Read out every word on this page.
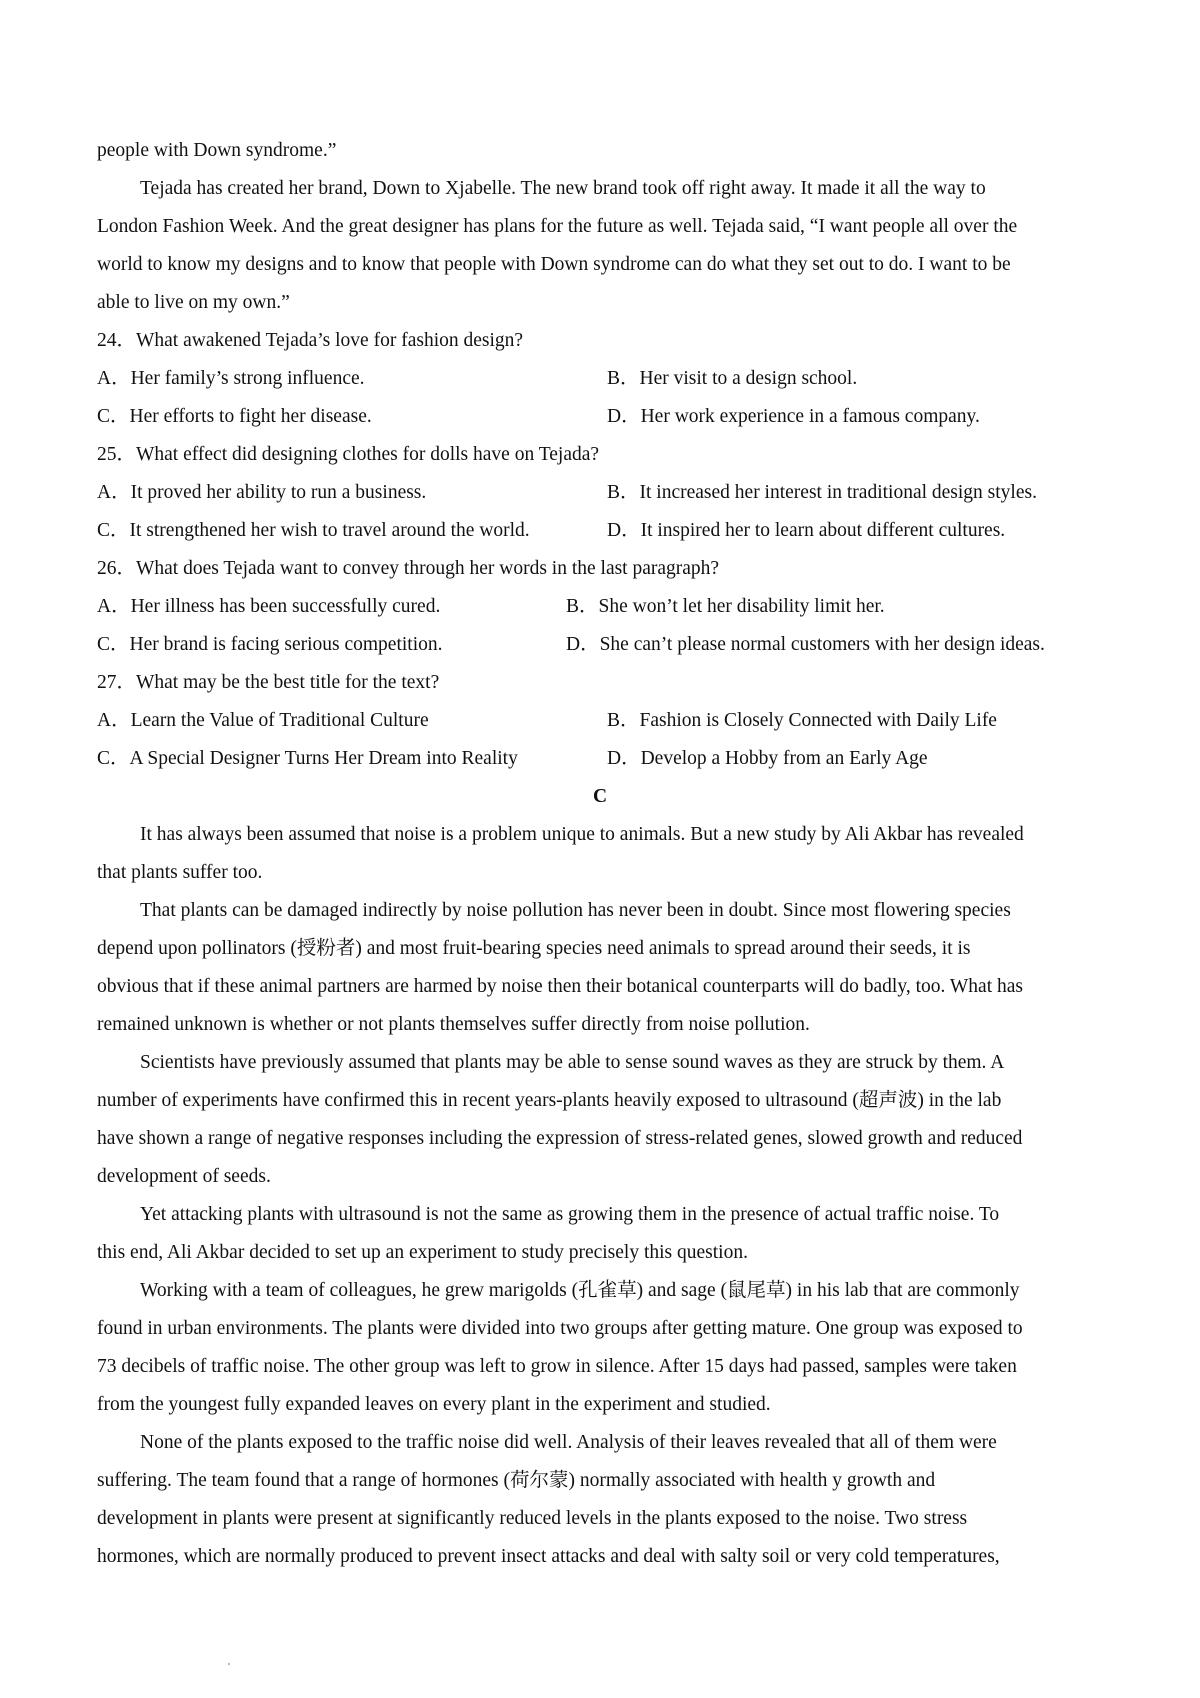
people with Down syndrome.”
Tejada has created her brand, Down to Xjabelle. The new brand took off right away. It made it all the way to
London Fashion Week. And the great designer has plans for the future as well. Tejada said, “I want people all over the
world to know my designs and to know that people with Down syndrome can do what they set out to do. I want to be
able to live on my own.”
24．What awakened Tejada’s love for fashion design?
A．Her family’s strong influence.	B．Her visit to a design school.
C．Her efforts to fight her disease.	D．Her work experience in a famous company.
25．What effect did designing clothes for dolls have on Tejada?
A．It proved her ability to run a business.	B．It increased her interest in traditional design styles.
C．It strengthened her wish to travel around the world.	D．It inspired her to learn about different cultures.
26．What does Tejada want to convey through her words in the last paragraph?
A．Her illness has been successfully cured.	B．She won’t let her disability limit her.
C．Her brand is facing serious competition.	D．She can’t please normal customers with her design ideas.
27．What may be the best title for the text?
A．Learn the Value of Traditional Culture	B．Fashion is Closely Connected with Daily Life
C．A Special Designer Turns Her Dream into Reality	D．Develop a Hobby from an Early Age
C
It has always been assumed that noise is a problem unique to animals. But a new study by Ali Akbar has revealed
that plants suffer too.
That plants can be damaged indirectly by noise pollution has never been in doubt. Since most flowering species
depend upon pollinators (授粉者) and most fruit-bearing species need animals to spread around their seeds, it is
obvious that if these animal partners are harmed by noise then their botanical counterparts will do badly, too. What has
remained unknown is whether or not plants themselves suffer directly from noise pollution.
Scientists have previously assumed that plants may be able to sense sound waves as they are struck by them. A
number of experiments have confirmed this in recent years-plants heavily exposed to ultrasound (超声波) in the lab
have shown a range of negative responses including the expression of stress-related genes, slowed growth and reduced
development of seeds.
Yet attacking plants with ultrasound is not the same as growing them in the presence of actual traffic noise. To
this end, Ali Akbar decided to set up an experiment to study precisely this question.
Working with a team of colleagues, he grew marigolds (孔雀草) and sage (鼠尾草) in his lab that are commonly
found in urban environments. The plants were divided into two groups after getting mature. One group was exposed to
73 decibels of traffic noise. The other group was left to grow in silence. After 15 days had passed, samples were taken
from the youngest fully expanded leaves on every plant in the experiment and studied.
None of the plants exposed to the traffic noise did well. Analysis of their leaves revealed that all of them were
suffering. The team found that a range of hormones (荷尔蒙) normally associated with health y growth and
development in plants were present at significantly reduced levels in the plants exposed to the noise. Two stress
hormones, which are normally produced to prevent insect attacks and deal with salty soil or very cold temperatures,
